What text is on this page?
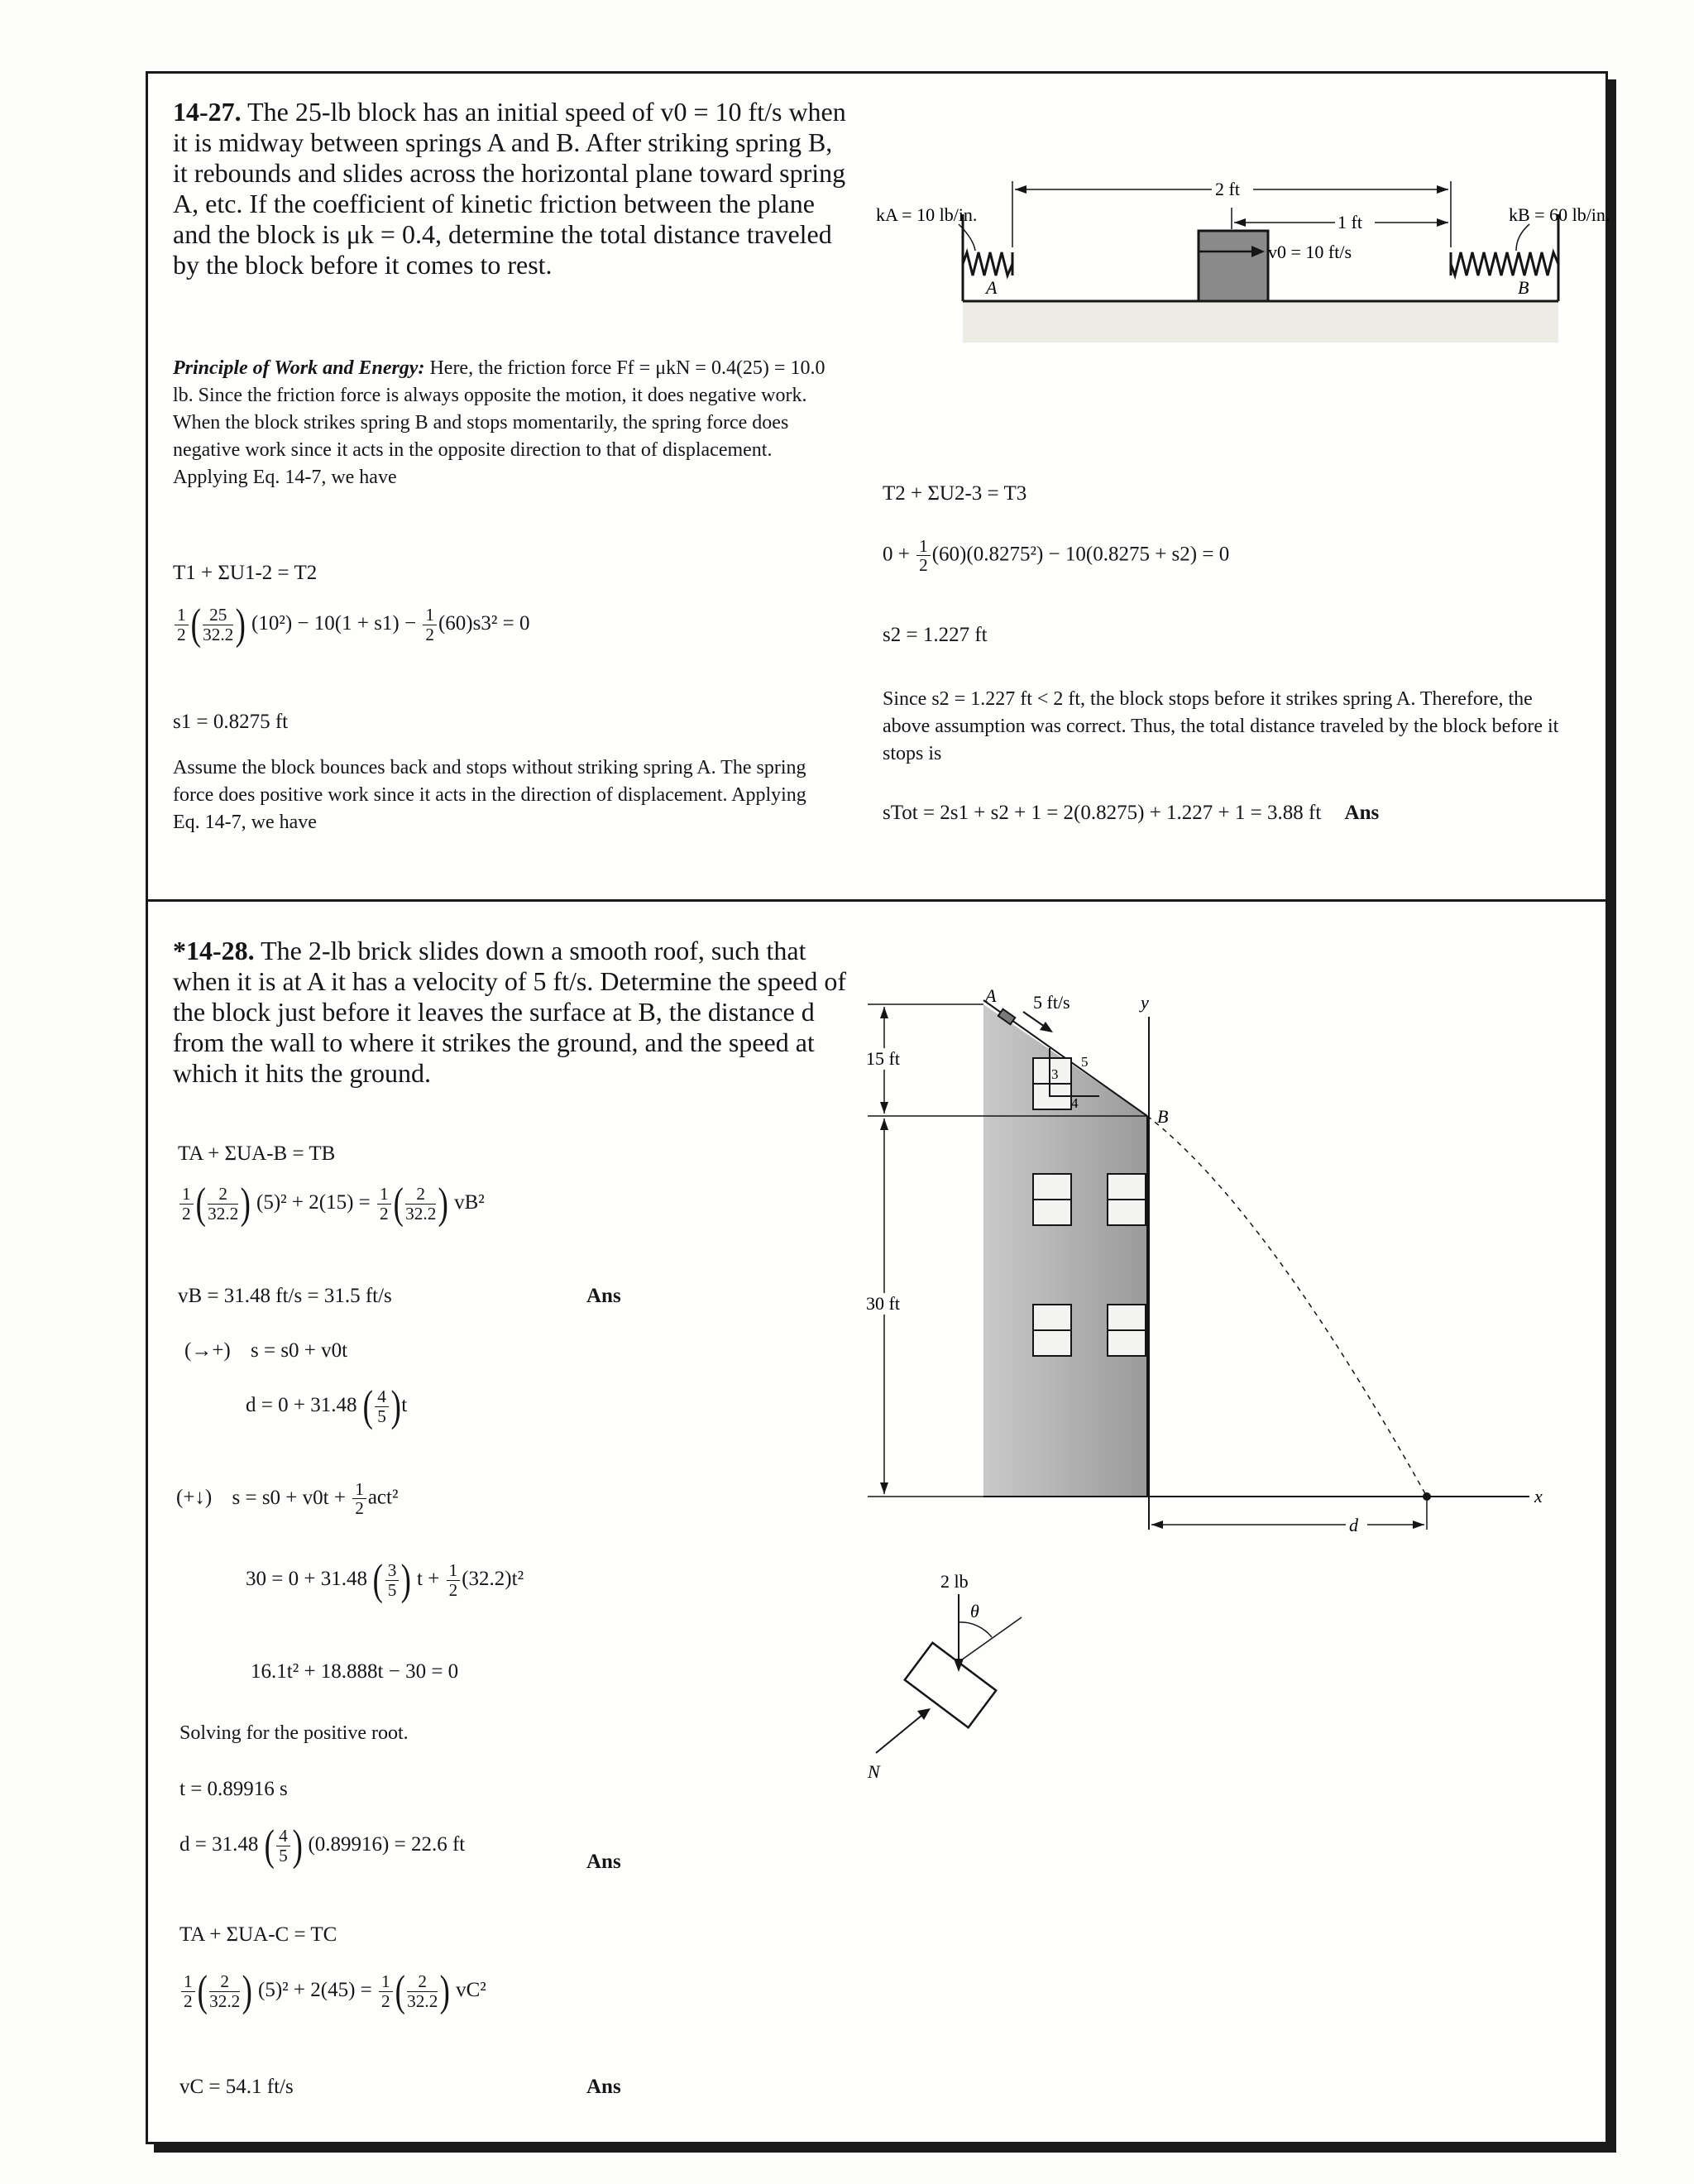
14-27. The 25-lb block has an initial speed of v0 = 10 ft/s when it is midway between springs A and B. After striking spring B, it rebounds and slides across the horizontal plane toward spring A, etc. If the coefficient of kinetic friction between the plane and the block is μk = 0.4, determine the total distance traveled by the block before it comes to rest.
Principle of Work and Energy: Here, the friction force Ff = μkN = 0.4(25) = 10.0 lb. Since the friction force is always opposite the motion, it does negative work. When the block strikes spring B and stops momentarily, the spring force does negative work since it acts in the opposite direction to that of displacement. Applying Eq. 14-7, we have
T1 + ΣU1-2 = T2
$\frac{1}{2}$ ( $\frac{25}{32.2}$ ) $(10^2) - 10(1 + s1) - \frac{1}{2} (60)s3^2 = 0$
s1 = 0.8275 ft
Assume the block bounces back and stops without striking spring A. The spring force does positive work since it acts in the direction of displacement. Applying Eq. 14-7, we have
T2 + ΣU2-3 = T3
$0 + \frac{1}{2} (60)(0.8275^2) - 10(0.8275 + s2) = 0$
s2 = 1.227 ft
Since s2 = 1.227 ft < 2 ft, the block stops before it strikes spring A. Therefore, the above assumption was correct. Thus, the total distance traveled by the block before it stops is
sTot = 2s1 + s2 + 1 = 2(0.8275) + 1.227 + 1 = 3.88 ft Ans
A	B
kA = 10 lb/in.	kB = 60 lb/in.
2 ft
1 ft
v0 = 10 ft/s
*14-28. The 2-lb brick slides down a smooth roof, such that when it is at A it has a velocity of 5 ft/s. Determine the speed of the block just before it leaves the surface at B, the distance d from the wall to where it strikes the ground, and the speed at which it hits the ground.
TA + ΣUA-B = TB
$\frac{1}{2}$ ( $\frac{2}{32.2}$ ) $(5)^2 + 2(15) = \frac{1}{2}$ ( $\frac{2}{32.2}$ ) vB²
vB = 31.48 ft/s = 31.5 ft/s	Ans
(→+) s = s0 + v0t
d = 0 + 31.48 ( $\frac{4}{5} )t$
(+↓) $s = s0 + v0t + \frac{1}{2} act^2$
30 = 0 + 31.48 ( $\frac{3}{5}$ ) $t + \frac{1}{2} (32.2)t^2$
16.1t² + 18.888t − 30 = 0
Solving for the positive root.
t = 0.89916 s
d = 31.48 ( $\frac{4}{5}$ ) (0.89916) = 22.6 ft
Ans
TA + ΣUA-C = TC
$\frac{1}{2}$ ( $\frac{2}{32.2}$ ) $(5)^2 + 2(45) = \frac{1}{2}$ ( $\frac{2}{32.2}$ ) vC²
vC = 54.1 ft/s	Ans
A 5 ft/s
3
4
5
B
y
x
15 ft
30 ft
d
2 lb
θ
N
